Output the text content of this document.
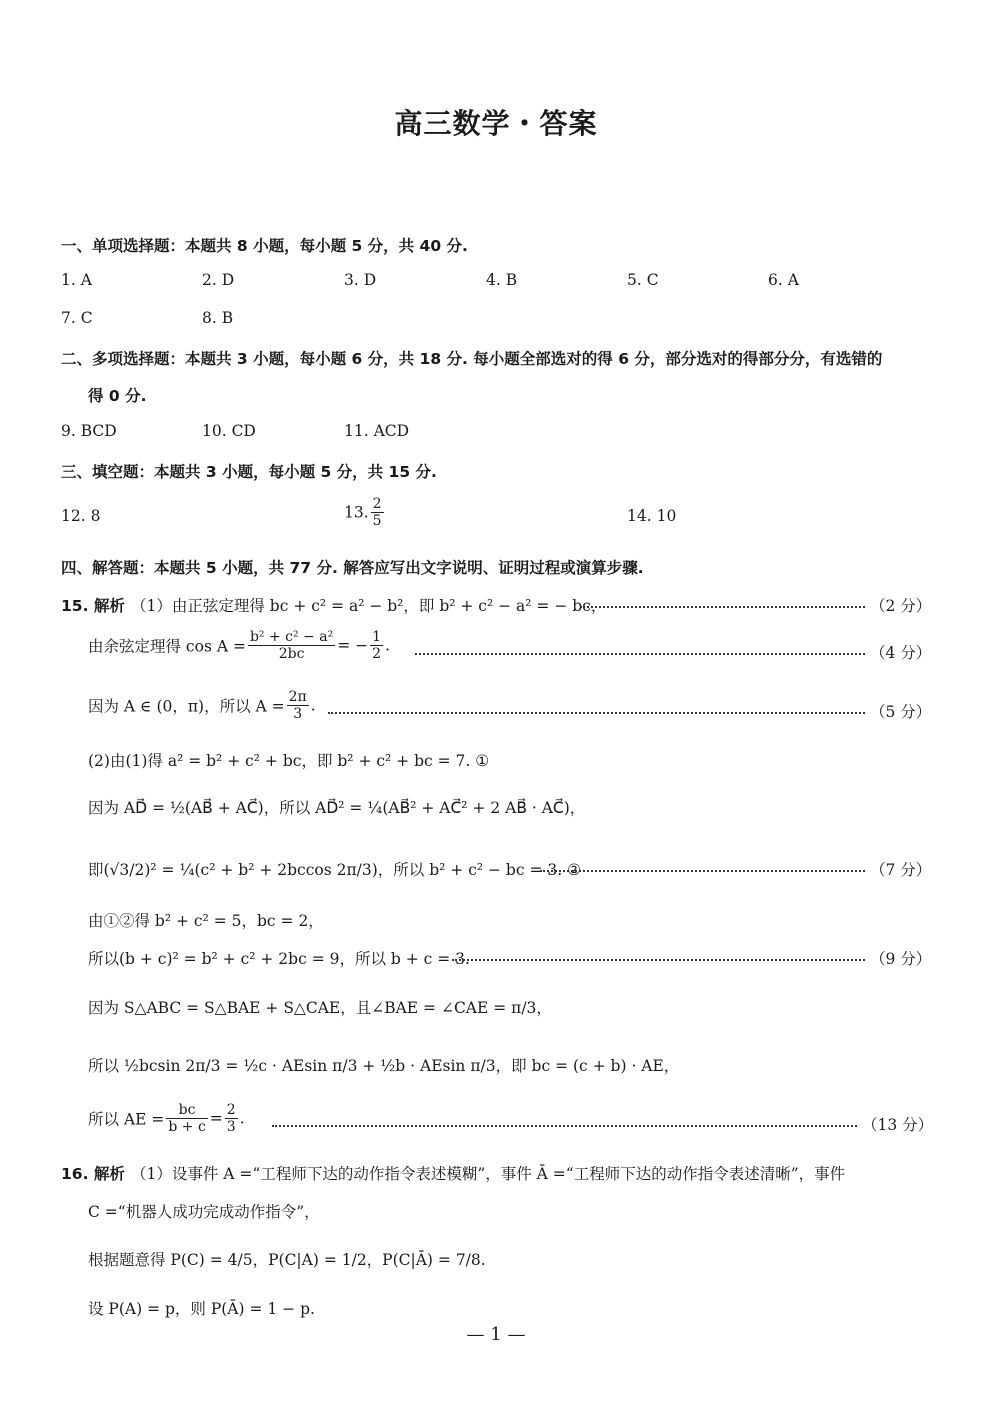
高三数学・答案
一、单项选择题：本题共 8 小题，每小题 5 分，共 40 分.
1. A	2. D	3. D	4. B	5. C	6. A
7. C	8. B
二、多项选择题：本题共 3 小题，每小题 6 分，共 18 分. 每小题全部选对的得 6 分，部分选对的得部分分，有选错的
得 0 分.
9. BCD	10. CD	11. ACD
三、填空题：本题共 3 小题，每小题 5 分，共 15 分.
12. 8	13. $\frac{2}{5}$	14. 10
四、解答题：本题共 5 小题，共 77 分. 解答应写出文字说明、证明过程或演算步骤.
15. 解析 （1）由正弦定理得 bc + c² = a² − b²，即 b² + c² − a² = − bc，	（2 分）
由余弦定理得 $\cos A = \frac{\text{b² + c² − a²}}{2bc}$ = − $\frac{1}{2}$ .	（4 分）
因为 A ∈ (0，π)，所以 $A = \frac{2\pi}{3}$ .	（5 分）
(2)由(1)得 a² = b² + c² + bc，即 b² + c² + bc = 7. ①
因为 AD⃗ = ½(AB⃗ + AC⃗)，所以 AD⃗² = ¼(AB⃗² + AC⃗² + 2 AB⃗ · AC⃗)，
即(√3/2)² = ¼(c² + b² + 2bccos 2π/3)，所以 b² + c² − bc = 3. ②	（7 分）
由①②得 b² + c² = 5，bc = 2，
所以(b + c)² = b² + c² + 2bc = 9，所以 b + c = 3.	（9 分）
因为 S△ABC = S△BAE + S△CAE，且∠BAE = ∠CAE = π/3，
所以 ½bcsin 2π/3 = ½c · AEsin π/3 + ½b · AEsin π/3，即 bc = (c + b) · AE，
所以 AE = $\frac{bc}{b + c} = \frac{2}{3}$ .	（13 分）
16. 解析 （1）设事件 A =“工程师下达的动作指令表述模糊”，事件 Ā =“工程师下达的动作指令表述清晰”，事件
C =“机器人成功完成动作指令”，
根据题意得 P(C) = 4/5，P(C|A) = 1/2，P(C|Ā) = 7/8.
设 P(A) = p，则 P(Ā) = 1 − p.
— 1 —
